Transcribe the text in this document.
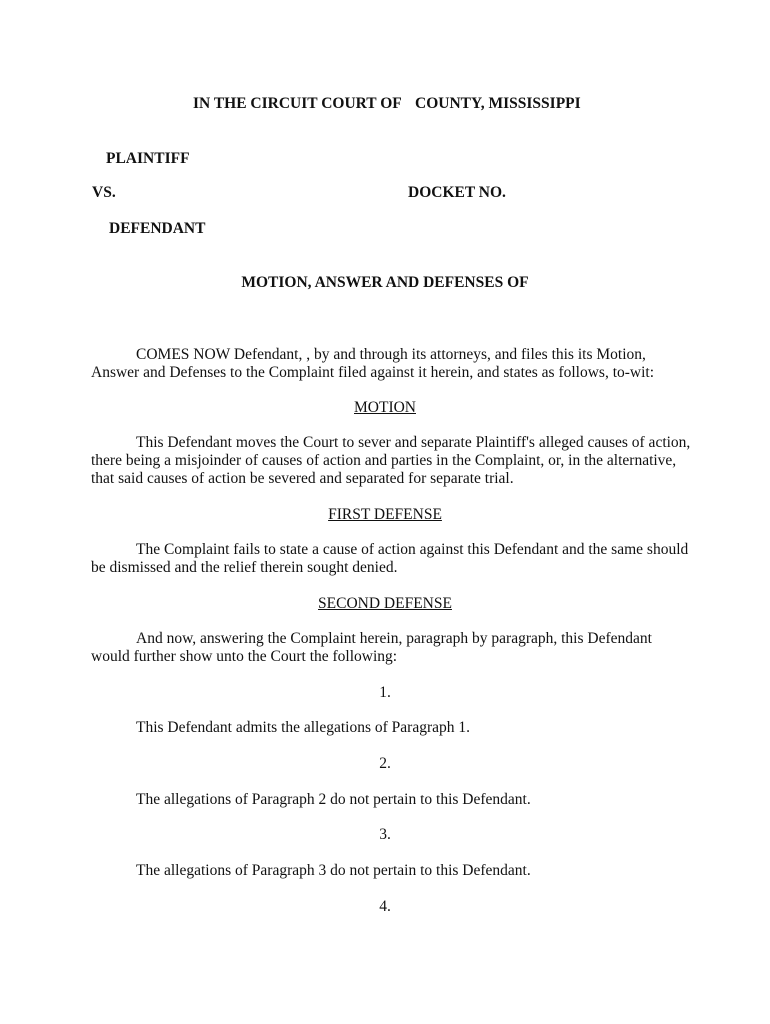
IN THE CIRCUIT COURT OF COUNTY, MISSISSIPPI

PLAINTIFF

VS.	DOCKET NO.

DEFENDANT

MOTION, ANSWER AND DEFENSES OF

COMES NOW Defendant, , by and through its attorneys, and files this its Motion,

Answer and Defenses to the Complaint filed against it herein, and states as follows, to-wit:

MOTION

This Defendant moves the Court to sever and separate Plaintiff's alleged causes of action,

there being a misjoinder of causes of action and parties in the Complaint, or, in the alternative,

that said causes of action be severed and separated for separate trial.

FIRST DEFENSE

The Complaint fails to state a cause of action against this Defendant and the same should

be dismissed and the relief therein sought denied.

SECOND DEFENSE

And now, answering the Complaint herein, paragraph by paragraph, this Defendant

would further show unto the Court the following:

1.

This Defendant admits the allegations of Paragraph 1.

2.

The allegations of Paragraph 2 do not pertain to this Defendant.

3.

The allegations of Paragraph 3 do not pertain to this Defendant.

4.
